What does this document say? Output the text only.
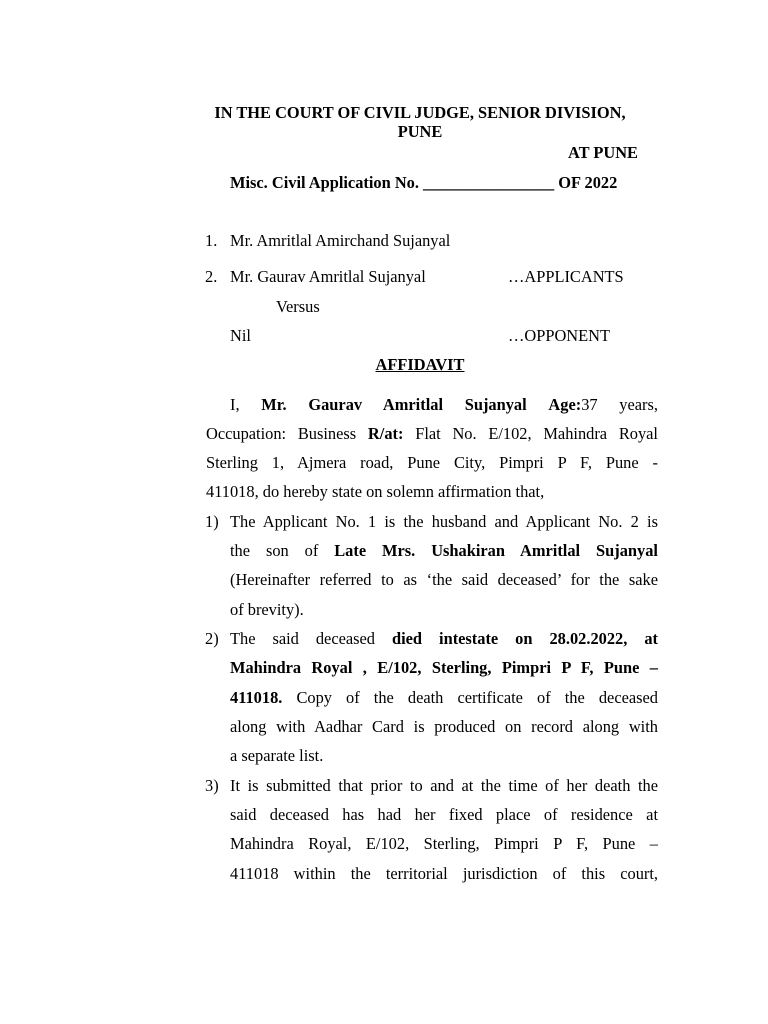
IN THE COURT OF CIVIL JUDGE, SENIOR DIVISION,
PUNE
AT PUNE
Misc. Civil Application No. ________________ OF 2022
1. Mr. Amritlal Amirchand Sujanyal
2. Mr. Gaurav Amritlal Sujanyal	…APPLICANTS
Versus
Nil	…OPPONENT
AFFIDAVIT
I, Mr. Gaurav Amritlal Sujanyal Age:37 years,
Occupation: Business R/at: Flat No. E/102, Mahindra Royal
Sterling 1, Ajmera road, Pune City, Pimpri P F, Pune -
411018, do hereby state on solemn affirmation that,
1) The Applicant No. 1 is the husband and Applicant No. 2 is
the son of Late Mrs. Ushakiran Amritlal Sujanyal
(Hereinafter referred to as ‘the said deceased’ for the sake
of brevity).
2) The said deceased died intestate on 28.02.2022, at
Mahindra Royal , E/102, Sterling, Pimpri P F, Pune –
411018. Copy of the death certificate of the deceased
along with Aadhar Card is produced on record along with
a separate list.
3) It is submitted that prior to and at the time of her death the
said deceased has had her fixed place of residence at
Mahindra Royal, E/102, Sterling, Pimpri P F, Pune –
411018 within the territorial jurisdiction of this court,
